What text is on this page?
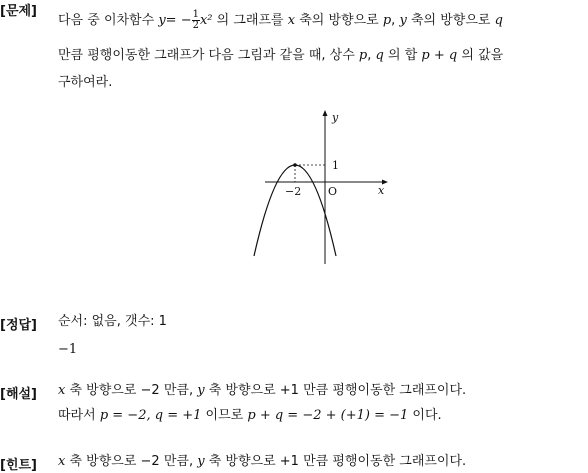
[문제]
다음 중 이차함수 $y= - \frac{1}{2} x^2$ 의 그래프를 x 축의 방향으로 p, y 축의 방향으로 q
만큼 평행이동한 그래프가 다음 그림과 같을 때, 상수 p, q 의 합 p + q 의 값을
구하여라.
y
x
O
−2
1
[정답] 순서: 없음, 갯수: 1
−1
[해설] x 축 방향으로 −2 만큼, y 축 방향으로 +1 만큼 평행이동한 그래프이다.
따라서 p = −2, q = +1 이므로 p + q = −2 + (+1) = −1 이다.
[힌트] x 축 방향으로 −2 만큼, y 축 방향으로 +1 만큼 평행이동한 그래프이다.
